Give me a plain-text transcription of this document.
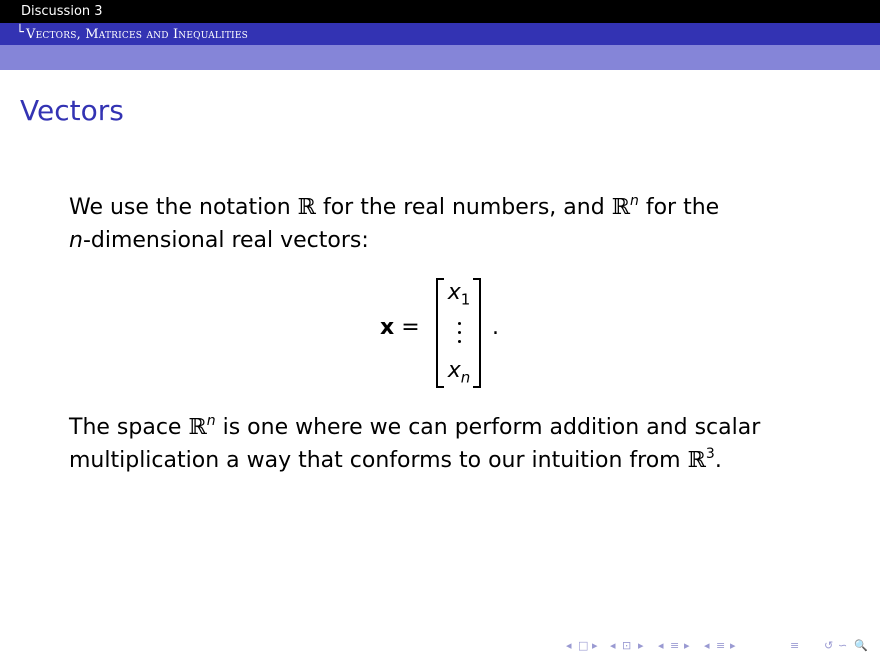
Discussion 3
└ Vectors, Matrices and Inequalities
Vectors
We use the notation ℝ for the real numbers, and ℝ$^n$ for the
n-dimensional real vectors:
x =
$x_1$
$x_n$
.
The space ℝ$^n$ is one where we can perform addition and scalar multiplication a way that conforms to our intuition from ℝ$^3$.
◂ □ ▸ ◂ ⊡ ▸ ◂ ≡ ▸ ◂ ≡ ▸	≡ ↺ ∽ 🔍
